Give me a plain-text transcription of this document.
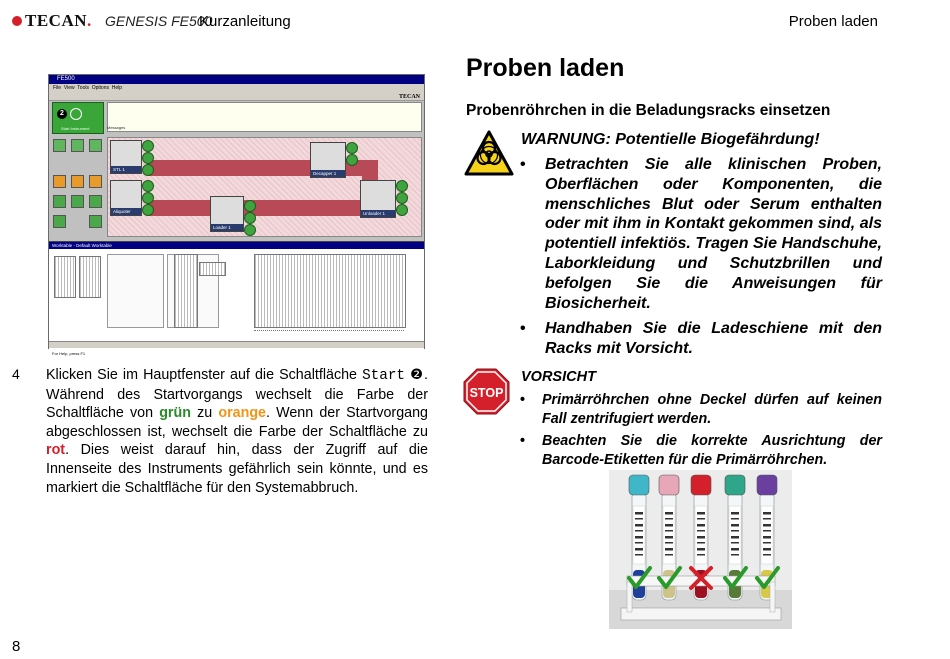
TECAN . GENESIS FE500
Kurzanleitung	Proben laden
FE500
File View Tools Options Help
TECAN
2
Start Instrument	Messages
STL 1
Aliquoter
Loader 1
Decapper 1
Unloader 1
Worktable - Default Worktable
For Help, press F1
4 Klicken Sie im Hauptfenster auf die Schaltfläche Start ❷. Während des Startvorgangs wechselt die Farbe der Schaltfläche von grün zu orange. Wenn der Startvorgang abgeschlossen ist, wechselt die Farbe der Schaltfläche zu rot. Dies weist darauf hin, dass der Zugriff auf die Innenseite des Instruments gefährlich sein könnte, und es markiert die Schaltfläche für den Systemabbruch.
Proben laden
Probenröhrchen in die Beladungsracks einsetzen
WARNUNG: Potentielle Biogefährdung!
• Betrachten Sie alle klinischen Proben, Oberflächen oder Komponenten, die menschliches Blut oder Serum enthalten oder mit ihm in Kontakt gekommen sind, als potentiell infektiös. Tragen Sie Handschuhe, Laborkleidung und Schutzbrillen und befolgen Sie die Anweisungen für Biosicherheit.
• Handhaben Sie die Ladeschiene mit den Racks mit Vorsicht.
STOP
VORSICHT
• Primärröhrchen ohne Deckel dürfen auf keinen Fall zentrifugiert werden.
• Beachten Sie die korrekte Ausrichtung der Barcode-Etiketten für die Primärröhrchen.
8
